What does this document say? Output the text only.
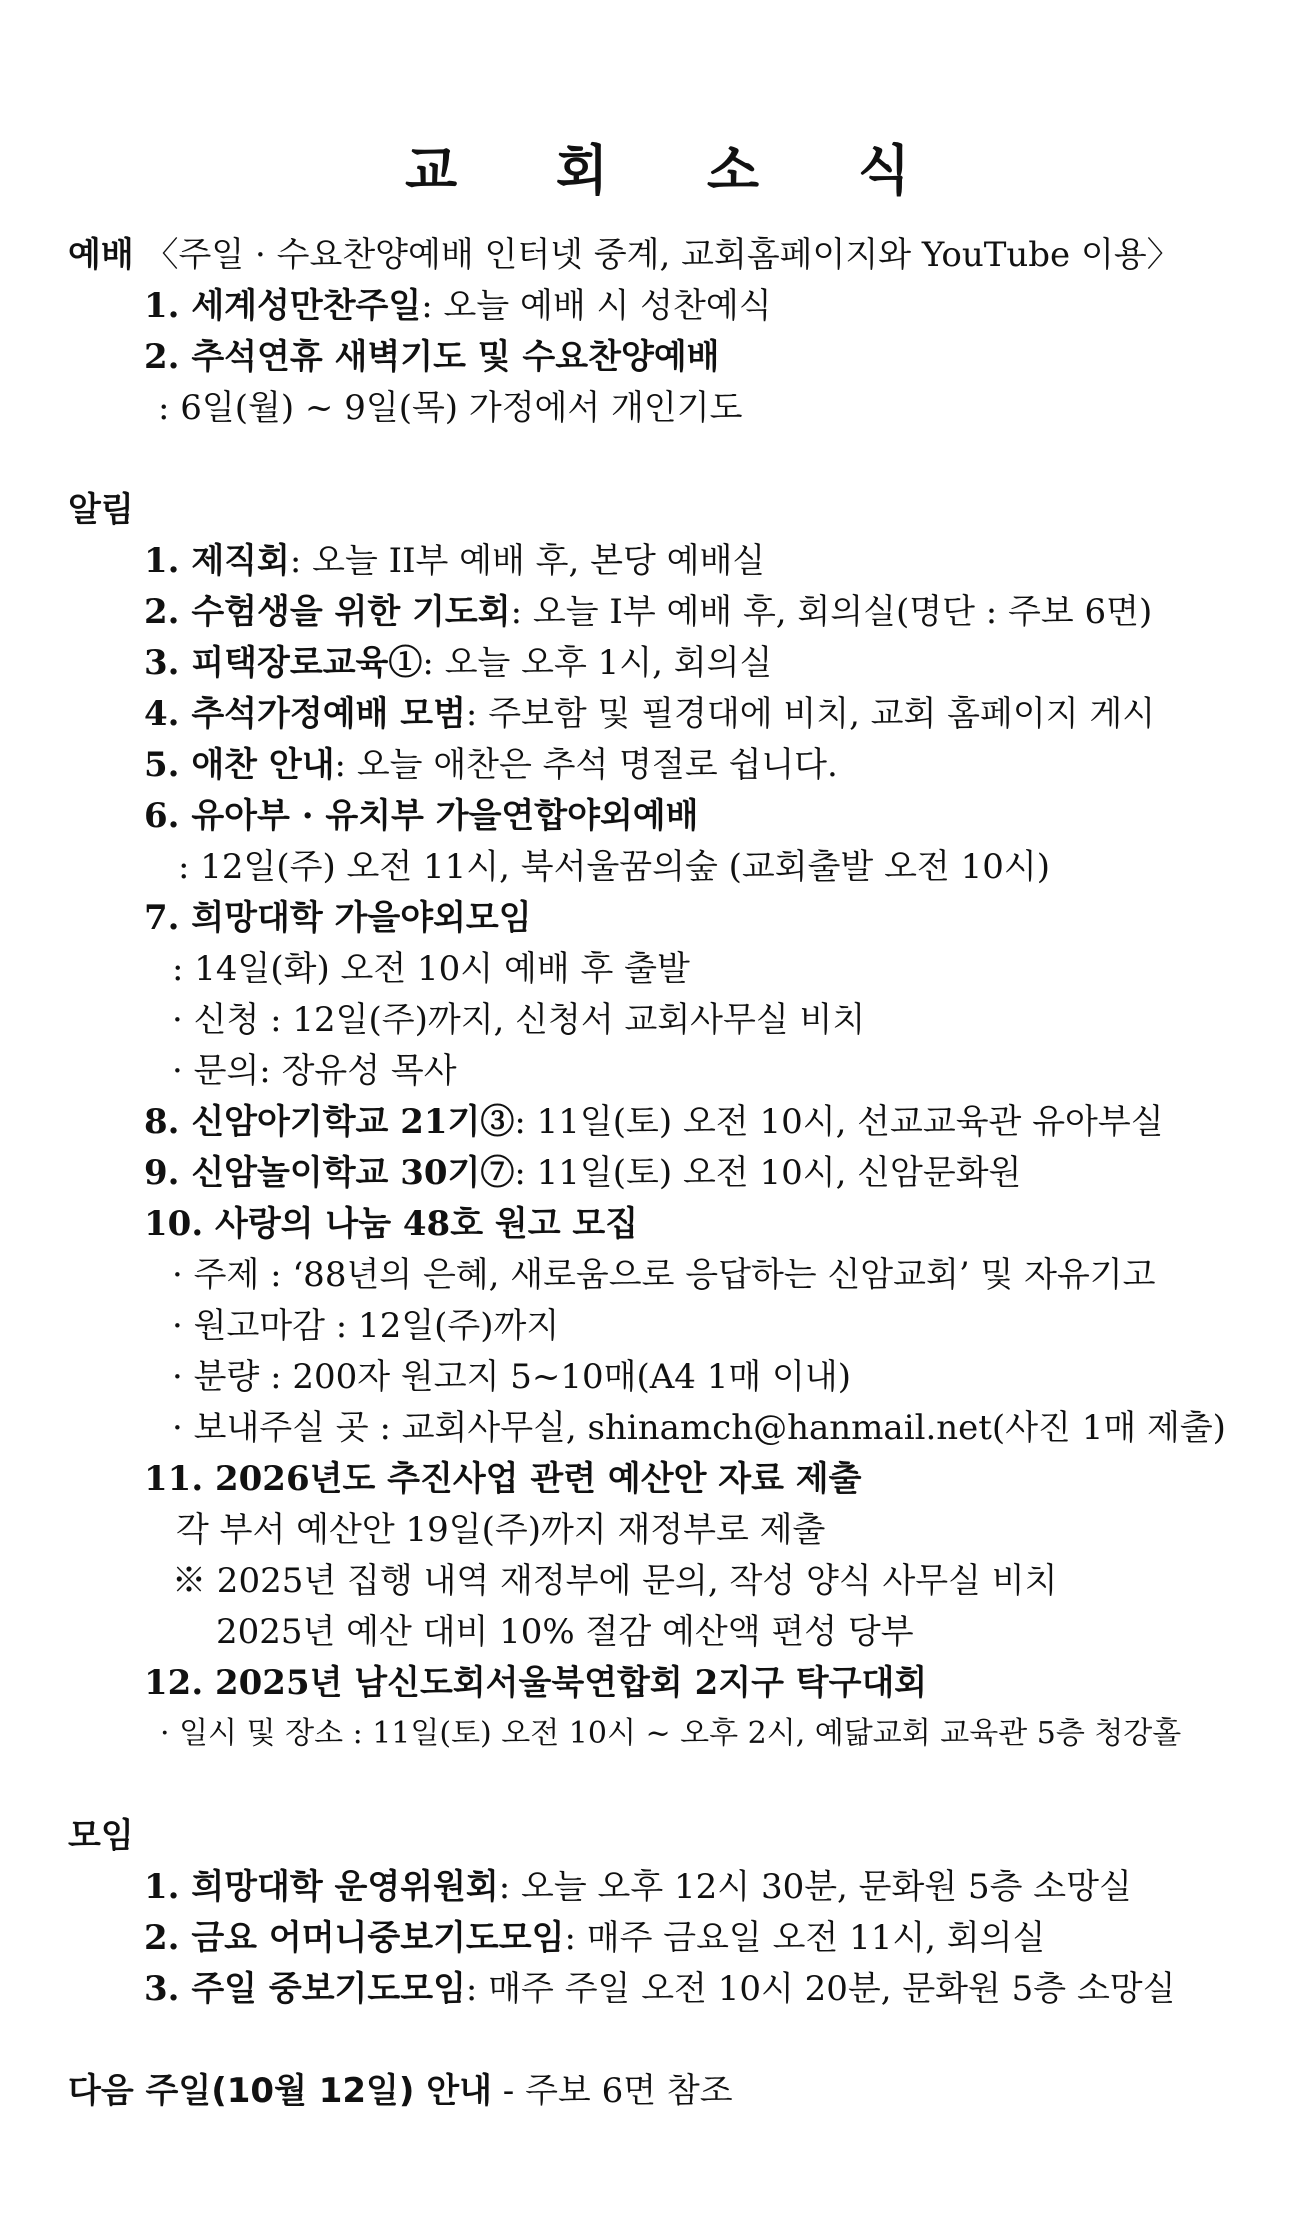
교 회 소 식
예배 〈주일 · 수요찬양예배 인터넷 중계, 교회홈페이지와 YouTube 이용〉
1. 세계성만찬주일: 오늘 예배 시 성찬예식
2. 추석연휴 새벽기도 및 수요찬양예배
: 6일(월) ~ 9일(목) 가정에서 개인기도
알림
1. 제직회: 오늘 II부 예배 후, 본당 예배실
2. 수험생을 위한 기도회: 오늘 I부 예배 후, 회의실(명단 : 주보 6면)
3. 피택장로교육①: 오늘 오후 1시, 회의실
4. 추석가정예배 모범: 주보함 및 필경대에 비치, 교회 홈페이지 게시
5. 애찬 안내: 오늘 애찬은 추석 명절로 쉽니다.
6. 유아부 · 유치부 가을연합야외예배
: 12일(주) 오전 11시, 북서울꿈의숲 (교회출발 오전 10시)
7. 희망대학 가을야외모임
: 14일(화) 오전 10시 예배 후 출발
· 신청 : 12일(주)까지, 신청서 교회사무실 비치
· 문의: 장유성 목사
8. 신암아기학교 21기③: 11일(토) 오전 10시, 선교교육관 유아부실
9. 신암놀이학교 30기⑦: 11일(토) 오전 10시, 신암문화원
10. 사랑의 나눔 48호 원고 모집
· 주제 : ‘88년의 은혜, 새로움으로 응답하는 신암교회’ 및 자유기고
· 원고마감 : 12일(주)까지
· 분량 : 200자 원고지 5~10매(A4 1매 이내)
· 보내주실 곳 : 교회사무실, shinamch@hanmail.net(사진 1매 제출)
11. 2026년도 추진사업 관련 예산안 자료 제출
각 부서 예산안 19일(주)까지 재정부로 제출
※ 2025년 집행 내역 재정부에 문의, 작성 양식 사무실 비치
2025년 예산 대비 10% 절감 예산액 편성 당부
12. 2025년 남신도회서울북연합회 2지구 탁구대회
· 일시 및 장소 : 11일(토) 오전 10시 ~ 오후 2시, 예닮교회 교육관 5층 청강홀
모임
1. 희망대학 운영위원회: 오늘 오후 12시 30분, 문화원 5층 소망실
2. 금요 어머니중보기도모임: 매주 금요일 오전 11시, 회의실
3. 주일 중보기도모임: 매주 주일 오전 10시 20분, 문화원 5층 소망실
다음 주일(10월 12일) 안내 - 주보 6면 참조
